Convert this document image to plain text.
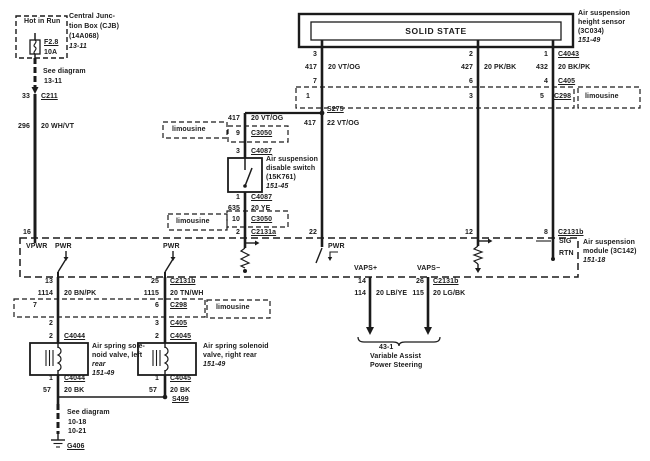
Hot in Run
F2.8
10A
Central Junc-
tion Box (CJB)
(14A068)
13-11
See diagram
13-11
33 C211
296 20 WH/VT
SOLID STATE
Air suspension
height sensor
(3C034)
151-49
3	2	1 C4043
417 20 VT/OG	427 20 PK/BK	432 20 BK/PK
7	6	4 C405
1	3	5 C298 limousine
S275
417 22 VT/OG
417 20 VT/OG
9 C3050
limousine
3 C4087
Air suspension
disable switch
(15K761)
151-45
1 C4087
635 20 YE
10 C3050
limousine
2 C2131a
16	22	12	8 C2131b
VPWR PWR	PWR	PWR
SIG
RTN
VAPS+	VAPS−
Air suspension
module (3C142)
151-18
14	26 C2131b
114 20 LB/YE 115 20 LG/BK
43-1
Variable Assist
Power Steering
13	25 C2131b
1114 20 BN/PK	1115 20 TN/WH
7	6 C298	limousine
2	3 C405
2 C4044	2 C4045
Air spring sole-
noid valve, left
rear
151-49
Air spring solenoid
valve, right rear
151-49
1 C4044	1 C4045
57 20 BK	57 20 BK
S499
See diagram
10-18
10-21
G406
